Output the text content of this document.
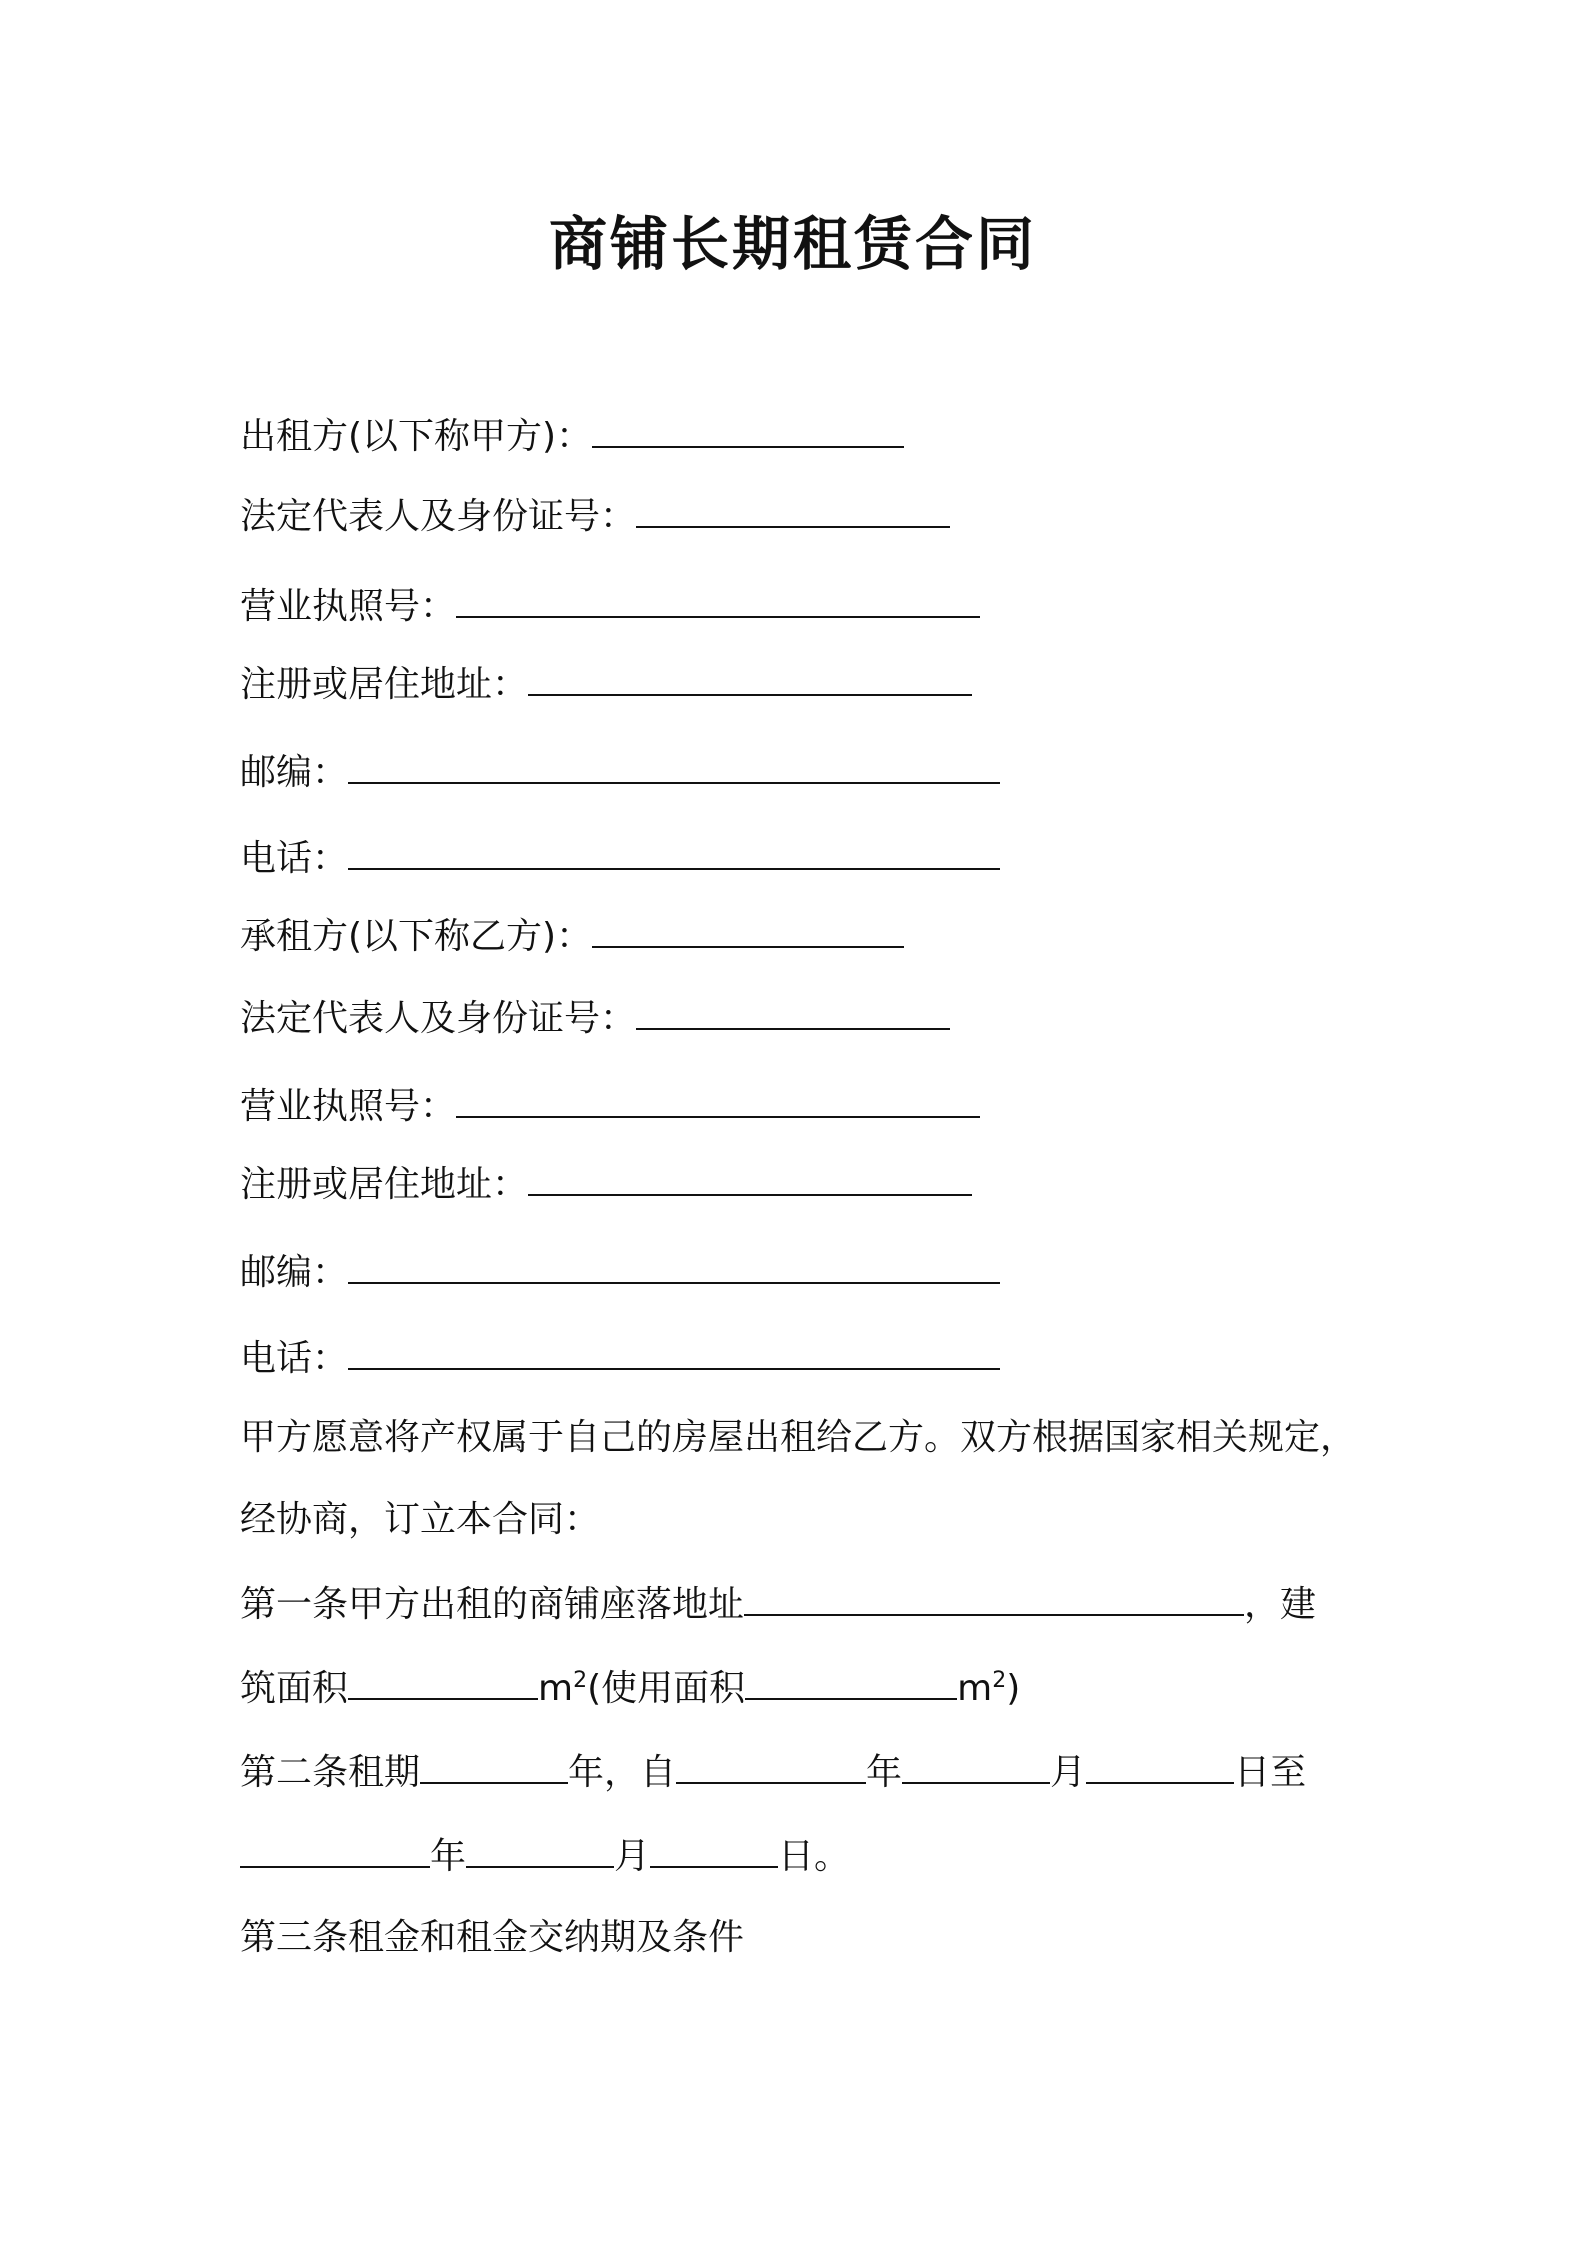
商铺长期租赁合同
出租方(以下称甲方)：
法定代表人及身份证号：
营业执照号：
注册或居住地址：
邮编：
电话：
承租方(以下称乙方)：
法定代表人及身份证号：
营业执照号：
注册或居住地址：
邮编：
电话：
甲方愿意将产权属于自己的房屋出租给乙方。双方根据国家相关规定，
经协商，订立本合同：
第一条甲方出租的商铺座落地址	，建
筑面积	$m^2$(使用面积	$m^2$)
第二条租期	年，自	年	月	日至
年	月	日。
第三条租金和租金交纳期及条件
